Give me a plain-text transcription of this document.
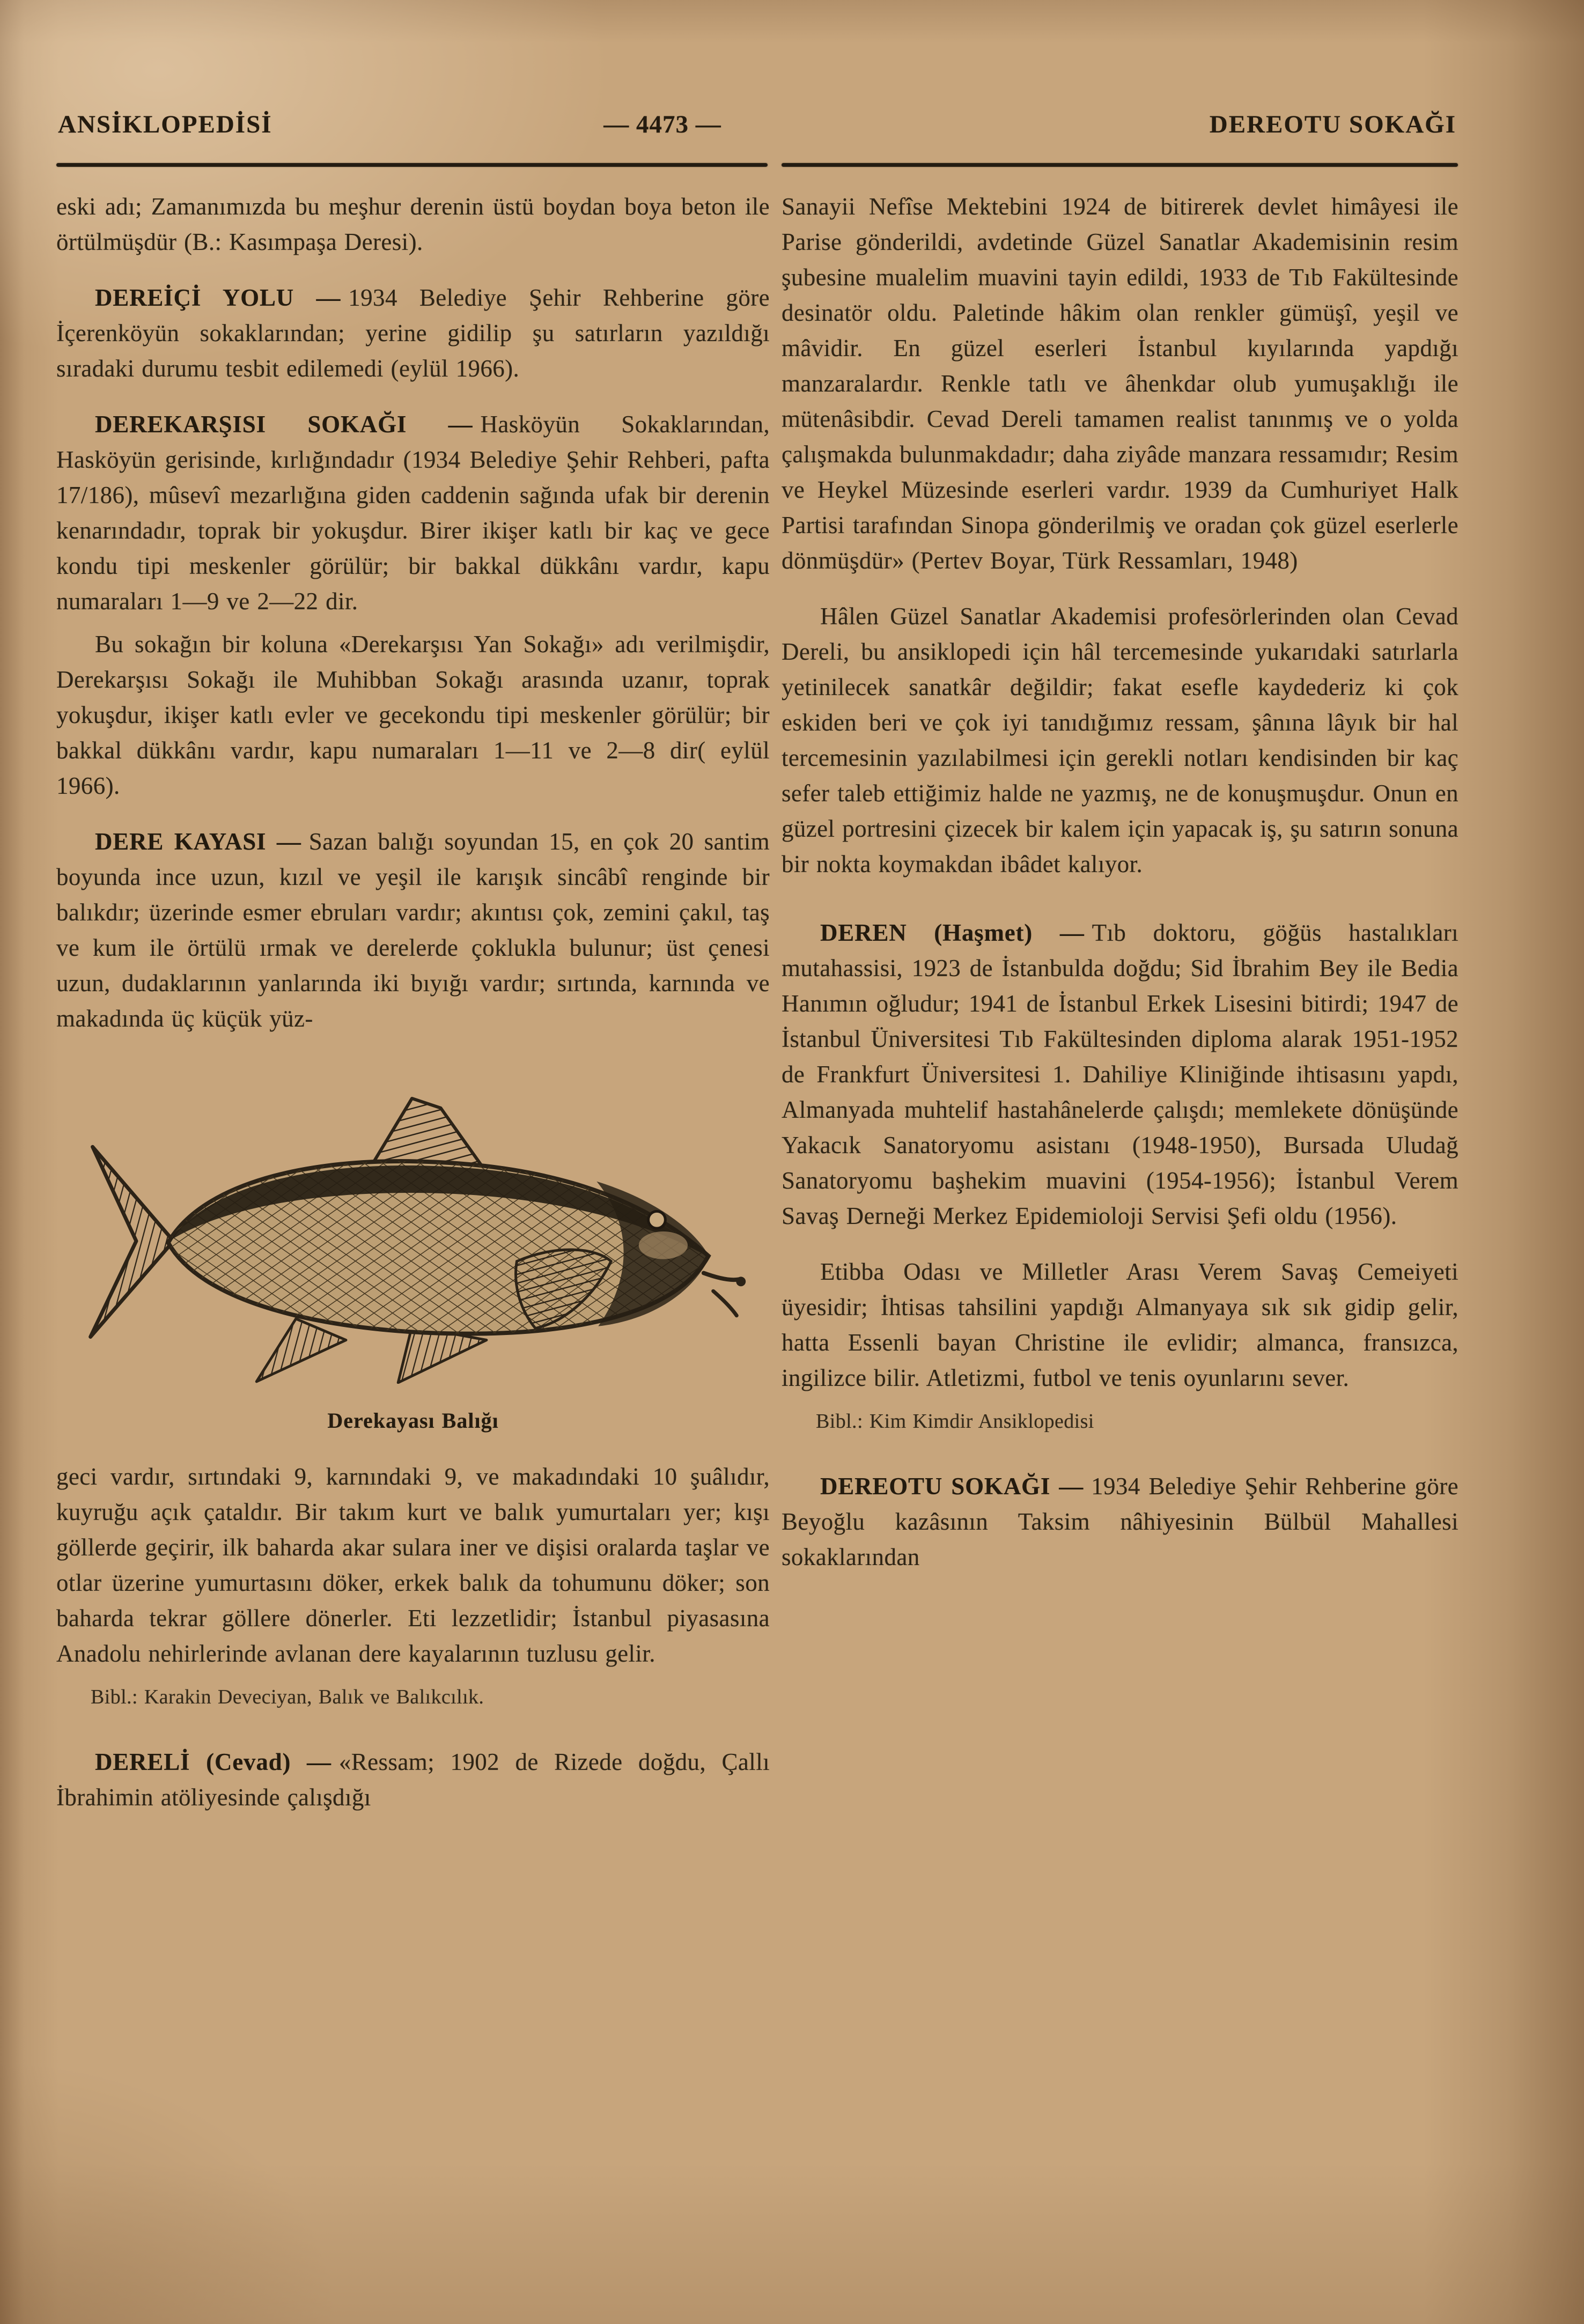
ANSİKLOPEDİSİ	— 4473 —	DEREOTU SOKAĞI

eski adı; Zamanımızda bu meşhur derenin üstü boydan boya beton ile örtülmüşdür (B.: Kasımpaşa Deresi).

DEREİÇİ YOLU — 1934 Belediye Şehir Rehberine göre İçerenköyün sokaklarından; yerine gidilip şu satırların yazıldığı sıradaki durumu tesbit edilemedi (eylül 1966).

DEREKARŞISI SOKAĞI — Hasköyün Sokaklarından, Hasköyün gerisinde, kırlığındadır (1934 Belediye Şehir Rehberi, pafta 17/186), mûsevî mezarlığına giden caddenin sağında ufak bir derenin kenarındadır, toprak bir yokuşdur. Birer ikişer katlı bir kaç ve gece kondu tipi meskenler görülür; bir bakkal dükkânı vardır, kapu numaraları 1—9 ve 2—22 dir.

Bu sokağın bir koluna «Derekarşısı Yan Sokağı» adı verilmişdir, Derekarşısı Sokağı ile Muhibban Sokağı arasında uzanır, toprak yokuşdur, ikişer katlı evler ve gecekondu tipi meskenler görülür; bir bakkal dükkânı vardır, kapu numaraları 1—11 ve 2—8 dir( eylül 1966).

DERE KAYASI — Sazan balığı soyundan 15, en çok 20 santim boyunda ince uzun, kızıl ve yeşil ile karışık sincâbî renginde bir balıkdır; üzerinde esmer ebruları vardır; akıntısı çok, zemini çakıl, taş ve kum ile örtülü ırmak ve derelerde çoklukla bulunur; üst çenesi uzun, dudaklarının yanlarında iki bıyığı vardır; sırtında, karnında ve makadında üç küçük yüz-

Derekayası Balığı

geci vardır, sırtındaki 9, karnındaki 9, ve makadındaki 10 şuâlıdır, kuyruğu açık çataldır. Bir takım kurt ve balık yumurtaları yer; kışı göllerde geçirir, ilk baharda akar sulara iner ve dişisi oralarda taşlar ve otlar üzerine yumurtasını döker, erkek balık da tohumunu döker; son baharda tekrar göllere dönerler. Eti lezzetlidir; İstanbul piyasasına Anadolu nehirlerinde avlanan dere kayalarının tuzlusu gelir.

Bibl.: Karakin Deveciyan, Balık ve Balıkcılık.

DERELİ (Cevad) — «Ressam; 1902 de Rizede doğdu, Çallı İbrahimin atöliyesinde çalışdığı

Sanayii Nefîse Mektebini 1924 de bitirerek devlet himâyesi ile Parise gönderildi, avdetinde Güzel Sanatlar Akademisinin resim şubesine mualelim muavini tayin edildi, 1933 de Tıb Fakültesinde desinatör oldu. Paletinde hâkim olan renkler gümüşî, yeşil ve mâvidir. En güzel eserleri İstanbul kıyılarında yapdığı manzaralardır. Renkle tatlı ve âhenkdar olub yumuşaklığı ile mütenâsibdir. Cevad Dereli tamamen realist tanınmış ve o yolda çalışmakda bulunmakdadır; daha ziyâde manzara ressamıdır; Resim ve Heykel Müzesinde eserleri vardır. 1939 da Cumhuriyet Halk Partisi tarafından Sinopa gönderilmiş ve oradan çok güzel eserlerle dönmüşdür» (Pertev Boyar, Türk Ressamları, 1948)

Hâlen Güzel Sanatlar Akademisi profesörlerinden olan Cevad Dereli, bu ansiklopedi için hâl tercemesinde yukarıdaki satırlarla yetinilecek sanatkâr değildir; fakat esefle kaydederiz ki çok eskiden beri ve çok iyi tanıdığımız ressam, şânına lâyık bir hal tercemesinin yazılabilmesi için gerekli notları kendisinden bir kaç sefer taleb ettiğimiz halde ne yazmış, ne de konuşmuşdur. Onun en güzel portresini çizecek bir kalem için yapacak iş, şu satırın sonuna bir nokta koymakdan ibâdet kalıyor.

DEREN (Haşmet) — Tıb doktoru, göğüs hastalıkları mutahassisi, 1923 de İstanbulda doğdu; Sid İbrahim Bey ile Bedia Hanımın oğludur; 1941 de İstanbul Erkek Lisesini bitirdi; 1947 de İstanbul Üniversitesi Tıb Fakültesinden diploma alarak 1951-1952 de Frankfurt Üniversitesi 1. Dahiliye Kliniğinde ihtisasını yapdı, Almanyada muhtelif hastahânelerde çalışdı; memlekete dönüşünde Yakacık Sanatoryomu asistanı (1948-1950), Bursada Uludağ Sanatoryomu başhekim muavini (1954-1956); İstanbul Verem Savaş Derneği Merkez Epidemioloji Servisi Şefi oldu (1956).

Etibba Odası ve Milletler Arası Verem Savaş Cemeiyeti üyesidir; İhtisas tahsilini yapdığı Almanyaya sık sık gidip gelir, hatta Essenli bayan Christine ile evlidir; almanca, fransızca, ingilizce bilir. Atletizmi, futbol ve tenis oyunlarını sever.

Bibl.: Kim Kimdir Ansiklopedisi

DEREOTU SOKAĞI — 1934 Belediye Şehir Rehberine göre Beyoğlu kazâsının Taksim nâhiyesinin Bülbül Mahallesi sokaklarından
